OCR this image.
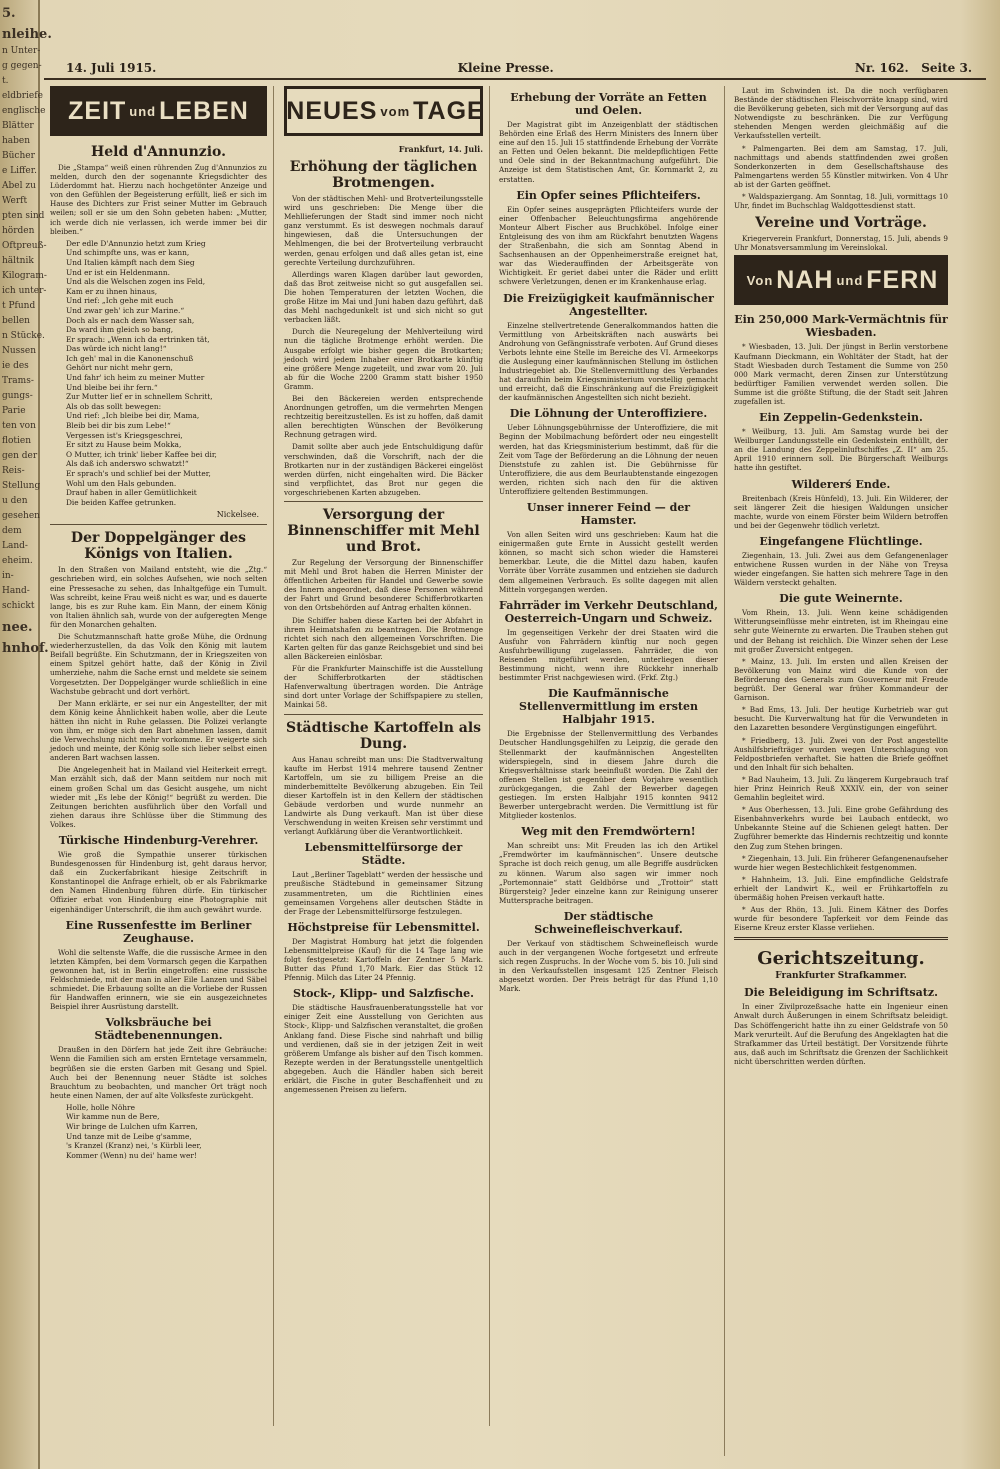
5.
nleihe.
n Unter-
g gegen-
t.
eldbriefe
englische
Blätter
haben
Bücher
e Liffer.
Abel zu
Werft
pten sind
hörden
Oftpreuß-
hältnik
Kilogram-
ich unter-
t Pfund
bellen
n Stücke.
Nussen
ie des
Trams-
gungs-
Parie
ten von
flotien
gen der
Reis-
Stellung
u den
gesehen
dem
Land-
eheim.
in-
Hand-
schickt
nee.
hnhof.
14. Juli 1915.	Kleine Presse.	Nr. 162. Seite 3.
ZEIT und LEBEN
Held d'Annunzio.

Die „Stampa“ weiß einen rührenden Zug d'Annunzios zu melden, durch den der sogenannte Kriegsdichter des Lüderdommt hat. Hierzu nach hochgetönter Anzeige und von den Gefühlen der Begeisterung erfüllt, ließ er sich im Hause des Dichters zur Frist seiner Mutter im Gebrauch weilen; soll er sie um den Sohn gebeten haben: „Mutter, ich werde dich nie verlassen, ich werde immer bei dir bleiben.“

Der edle D'Annunzio hetzt zum Krieg
Und schimpfte uns, was er kann,
Und Italien kämpft nach dem Sieg
Und er ist ein Heldenmann.
Und als die Welschen zogen ins Feld,
Kam er zu ihnen hinaus,
Und rief: „Ich gehe mit euch
Und zwar geh' ich zur Marine.“
Doch als er nach dem Wasser sah,
Da ward ihm gleich so bang,
Er sprach: „Wenn ich da ertrinken tät,
Das würde ich nicht lang!“
Ich geh' mal in die Kanonenschuß
Gehört nur nicht mehr gern,
Und fahr' ich heim zu meiner Mutter
Und bleibe bei ihr fern.“
Zur Mutter lief er in schnellem Schritt,
Als ob das sollt bewegen:
Und rief: „Ich bleibe bei dir, Mama,
Bleib bei dir bis zum Lebe!“
Vergessen ist's Kriegsgeschrei,
Er sitzt zu Hause beim Mokka,
O Mutter, ich trink' lieber Kaffee bei dir,
Als daß ich anderswo schwatzt!“
Er sprach's und schlief bei der Mutter,
Wohl um den Hals gebunden.
Drauf haben in aller Gemütlichkeit
Die beiden Kaffee getrunken.
Nickelsee.
Der Doppelgänger des Königs von Italien.

In den Straßen von Mailand entsteht, wie die „Ztg.“ geschrieben wird, ein solches Aufsehen, wie noch selten eine Pressesache zu sehen, das Inhaltgefüge ein Tumult. Was schreibt, keine Frau weiß nicht es war, und es dauerte lange, bis es zur Ruhe kam. Ein Mann, der einem König von Italien ähnlich sah, wurde von der aufgeregten Menge für den Monarchen gehalten.

Die Schutzmannschaft hatte große Mühe, die Ordnung wiederherzustellen, da das Volk den König mit lautem Beifall begrüßte. Ein Schutzmann, der in Kriegszeiten von einem Spitzel gehört hatte, daß der König in Zivil umherziehe, nahm die Sache ernst und meldete sie seinem Vorgesetzten. Der Doppelgänger wurde schließlich in eine Wachstube gebracht und dort verhört.

Der Mann erklärte, er sei nur ein Angestellter, der mit dem König keine Ähnlichkeit haben wolle, aber die Leute hätten ihn nicht in Ruhe gelassen. Die Polizei verlangte von ihm, er möge sich den Bart abnehmen lassen, damit die Verwechslung nicht mehr vorkomme. Er weigerte sich jedoch und meinte, der König solle sich lieber selbst einen anderen Bart wachsen lassen.

Die Angelegenheit hat in Mailand viel Heiterkeit erregt. Man erzählt sich, daß der Mann seitdem nur noch mit einem großen Schal um das Gesicht ausgehe, um nicht wieder mit „Es lebe der König!“ begrüßt zu werden. Die Zeitungen berichten ausführlich über den Vorfall und ziehen daraus ihre Schlüsse über die Stimmung des Volkes.

Türkische Hindenburg-Verehrer.

Wie groß die Sympathie unserer türkischen Bundesgenossen für Hindenburg ist, geht daraus hervor, daß ein Zuckerfabrikant hiesige Zeitschrift in Konstantinopel die Anfrage erhielt, ob er als Fabrikmarke den Namen Hindenburg führen dürfe. Ein türkischer Offizier erbat von Hindenburg eine Photographie mit eigenhändiger Unterschrift, die ihm auch gewährt wurde.

Eine Russenfestte im Berliner Zeughause.

Wohl die seltenste Waffe, die die russische Armee in den letzten Kämpfen, bei dem Vormarsch gegen die Karpathen gewonnen hat, ist in Berlin eingetroffen: eine russische Feldschmiede, mit der man in aller Eile Lanzen und Säbel schmiedet. Die Erbauung sollte an die Vorliebe der Russen für Handwaffen erinnern, wie sie ein ausgezeichnetes Beispiel ihrer Ausrüstung darstellt.

Volksbräuche bei Städtebenennungen.

Draußen in den Dörfern hat jede Zeit ihre Gebräuche: Wenn die Familien sich am ersten Erntetage versammeln, begrüßen sie die ersten Garben mit Gesang und Spiel. Auch bei der Benennung neuer Städte ist solches Brauchtum zu beobachten, und mancher Ort trägt noch heute einen Namen, der auf alte Volksfeste zurückgeht.

Holle, holle Nöhre
Wir kamme nun de Bere,
Wir bringe de Lulchen ufm Karren,
Und tanze mit de Leibe g'samme,
's Kranzel (Kranz) nei, 's Kürbli leer,
Kommer (Wenn) nu dei' hame wer!
NEUES vom TAGE
Frankfurt, 14. Juli.
Erhöhung der täglichen Brotmengen.

Von der städtischen Mehl- und Brotverteilungsstelle wird uns geschrieben: Die Menge über die Mehllieferungen der Stadt sind immer noch nicht ganz verstummt. Es ist deswegen nochmals darauf hingewiesen, daß die Untersuchungen der Mehlmengen, die bei der Brotverteilung verbraucht werden, genau erfolgen und daß alles getan ist, eine gerechte Verteilung durchzuführen.

Allerdings waren Klagen darüber laut geworden, daß das Brot zeitweise nicht so gut ausgefallen sei. Die hohen Temperaturen der letzten Wochen, die große Hitze im Mai und Juni haben dazu geführt, daß das Mehl nachgedunkelt ist und sich nicht so gut verbacken läßt.

Durch die Neuregelung der Mehlverteilung wird nun die tägliche Brotmenge erhöht werden. Die Ausgabe erfolgt wie bisher gegen die Brotkarten; jedoch wird jedem Inhaber einer Brotkarte künftig eine größere Menge zugeteilt, und zwar vom 20. Juli ab für die Woche 2200 Gramm statt bisher 1950 Gramm.

Bei den Bäckereien werden entsprechende Anordnungen getroffen, um die vermehrten Mengen rechtzeitig bereitzustellen. Es ist zu hoffen, daß damit allen berechtigten Wünschen der Bevölkerung Rechnung getragen wird.

Damit sollte aber auch jede Entschuldigung dafür verschwinden, daß die Vorschrift, nach der die Brotkarten nur in der zuständigen Bäckerei eingelöst werden dürfen, nicht eingehalten wird. Die Bäcker sind verpflichtet, das Brot nur gegen die vorgeschriebenen Karten abzugeben.

Versorgung der Binnenschiffer mit Mehl und Brot.

Zur Regelung der Versorgung der Binnenschiffer mit Mehl und Brot haben die Herren Minister der öffentlichen Arbeiten für Handel und Gewerbe sowie des Innern angeordnet, daß diese Personen während der Fahrt und Grund besonderer Schifferbrotkarten von den Ortsbehörden auf Antrag erhalten können.

Die Schiffer haben diese Karten bei der Abfahrt in ihrem Heimatshafen zu beantragen. Die Brotmenge richtet sich nach den allgemeinen Vorschriften. Die Karten gelten für das ganze Reichsgebiet und sind bei allen Bäckereien einlösbar.

Für die Frankfurter Mainschiffe ist die Ausstellung der Schifferbrotkarten der städtischen Hafenverwaltung übertragen worden. Die Anträge sind dort unter Vorlage der Schiffspapiere zu stellen, Mainkai 58.

Städtische Kartoffeln als Dung.

Aus Hanau schreibt man uns: Die Stadtverwaltung kaufte im Herbst 1914 mehrere tausend Zentner Kartoffeln, um sie zu billigem Preise an die minderbemittelte Bevölkerung abzugeben. Ein Teil dieser Kartoffeln ist in den Kellern der städtischen Gebäude verdorben und wurde nunmehr an Landwirte als Dung verkauft. Man ist über diese Verschwendung in weiten Kreisen sehr verstimmt und verlangt Aufklärung über die Verantwortlichkeit.

Lebensmittelfürsorge der Städte.

Laut „Berliner Tageblatt“ werden der hessische und preußische Städtebund in gemeinsamer Sitzung zusammentreten, um die Richtlinien eines gemeinsamen Vorgehens aller deutschen Städte in der Frage der Lebensmittelfürsorge festzulegen.

Höchstpreise für Lebensmittel.

Der Magistrat Homburg hat jetzt die folgenden Lebensmittelpreise (Kauf) für die 14 Tage lang wie folgt festgesetzt: Kartoffeln der Zentner 5 Mark. Butter das Pfund 1,70 Mark. Eier das Stück 12 Pfennig. Milch das Liter 24 Pfennig.

Stock-, Klipp- und Salzfische.

Die städtische Hausfrauenberatungsstelle hat vor einiger Zeit eine Ausstellung von Gerichten aus Stock-, Klipp- und Salzfischen veranstaltet, die großen Anklang fand. Diese Fische sind nahrhaft und billig und verdienen, daß sie in der jetzigen Zeit in weit größerem Umfange als bisher auf den Tisch kommen. Rezepte werden in der Beratungsstelle unentgeltlich abgegeben. Auch die Händler haben sich bereit erklärt, die Fische in guter Beschaffenheit und zu angemessenen Preisen zu liefern.

Erhebung der Vorräte an Fetten und Oelen.

Der Magistrat gibt im Anzeigenblatt der städtischen Behörden eine Erlaß des Herrn Ministers des Innern über eine auf den 15. Juli 15 stattfindende Erhebung der Vorräte an Fetten und Oelen bekannt. Die meldepflichtigen Fette und Oele sind in der Bekanntmachung aufgeführt. Die Anzeige ist dem Statistischen Amt, Gr. Kornmarkt 2, zu erstatten.

Ein Opfer seines Pflichteifers.

Ein Opfer seines ausgeprägten Pflichteifers wurde der einer Offenbacher Beleuchtungsfirma angehörende Monteur Albert Fischer aus Bruchköbel. Infolge einer Entgleisung des von ihm am Rückfahrt benutzten Wagens der Straßenbahn, die sich am Sonntag Abend in Sachsenhausen an der Oppenheimerstraße ereignet hat, war das Wiederauffinden der Arbeitsgeräte von Wichtigkeit. Er geriet dabei unter die Räder und erlitt schwere Verletzungen, denen er im Krankenhause erlag.

Die Freizügigkeit kaufmännischer Angestellter.

Einzelne stellvertretende Generalkommandos hatten die Vermittlung von Arbeitskräften nach auswärts bei Androhung von Gefängnisstrafe verboten. Auf Grund dieses Verbots lehnte eine Stelle im Bereiche des VI. Armeekorps die Auslegung einer kaufmännischen Stellung im östlichen Industriegebiet ab. Die Stellenvermittlung des Verbandes hat daraufhin beim Kriegsministerium vorstellig gemacht und erreicht, daß die Einschränkung auf die Freizügigkeit der kaufmännischen Angestellten sich nicht bezieht.

Die Löhnung der Unteroffiziere.

Ueber Löhnungsgebührnisse der Unteroffiziere, die mit Beginn der Mobilmachung befördert oder neu eingestellt werden, hat das Kriegsministerium bestimmt, daß für die Zeit vom Tage der Beförderung an die Löhnung der neuen Dienststufe zu zahlen ist. Die Gebührnisse für Unteroffiziere, die aus dem Beurlaubtenstande eingezogen werden, richten sich nach den für die aktiven Unteroffiziere geltenden Bestimmungen.

Unser innerer Feind — der Hamster.

Von allen Seiten wird uns geschrieben: Kaum hat die einigermaßen gute Ernte in Aussicht gestellt werden können, so macht sich schon wieder die Hamsterei bemerkbar. Leute, die die Mittel dazu haben, kaufen Vorräte über Vorräte zusammen und entziehen sie dadurch dem allgemeinen Verbrauch. Es sollte dagegen mit allen Mitteln vorgegangen werden.

Fahrräder im Verkehr Deutschland, Oesterreich-Ungarn und Schweiz.

Im gegenseitigen Verkehr der drei Staaten wird die Ausfuhr von Fahrrädern künftig nur noch gegen Ausfuhrbewilligung zugelassen. Fahrräder, die von Reisenden mitgeführt werden, unterliegen dieser Bestimmung nicht, wenn ihre Rückkehr innerhalb bestimmter Frist nachgewiesen wird. (Frkf. Ztg.)

Die Kaufmännische Stellenvermittlung im ersten Halbjahr 1915.

Die Ergebnisse der Stellenvermittlung des Verbandes Deutscher Handlungsgehilfen zu Leipzig, die gerade den Stellenmarkt der kaufmännischen Angestellten widerspiegeln, sind in diesem Jahre durch die Kriegsverhältnisse stark beeinflußt worden. Die Zahl der offenen Stellen ist gegenüber dem Vorjahre wesentlich zurückgegangen, die Zahl der Bewerber dagegen gestiegen. Im ersten Halbjahr 1915 konnten 9412 Bewerber untergebracht werden. Die Vermittlung ist für Mitglieder kostenlos.

Weg mit den Fremdwörtern!

Man schreibt uns: Mit Freuden las ich den Artikel „Fremdwörter im kaufmännischen“. Unsere deutsche Sprache ist doch reich genug, um alle Begriffe ausdrücken zu können. Warum also sagen wir immer noch „Portemonnaie“ statt Geldbörse und „Trottoir“ statt Bürgersteig? Jeder einzelne kann zur Reinigung unserer Muttersprache beitragen.

Der städtische Schweinefleischverkauf.

Der Verkauf von städtischem Schweinefleisch wurde auch in der vergangenen Woche fortgesetzt und erfreute sich regen Zuspruchs. In der Woche vom 5. bis 10. Juli sind in den Verkaufsstellen insgesamt 125 Zentner Fleisch abgesetzt worden. Der Preis beträgt für das Pfund 1,10 Mark.

Laut im Schwinden ist. Da die noch verfügbaren Bestände der städtischen Fleischvorräte knapp sind, wird die Bevölkerung gebeten, sich mit der Versorgung auf das Notwendigste zu beschränken. Die zur Verfügung stehenden Mengen werden gleichmäßig auf die Verkaufsstellen verteilt.

* Palmengarten. Bei dem am Samstag, 17. Juli, nachmittags und abends stattfindenden zwei großen Sonderkonzerten in dem Gesellschaftshause des Palmengartens werden 55 Künstler mitwirken. Von 4 Uhr ab ist der Garten geöffnet.

* Waldspaziergang. Am Sonntag, 18. Juli, vormittags 10 Uhr, findet im Buchschlag Waldgottesdienst statt.

Vereine und Vorträge.

Kriegerverein Frankfurt, Donnerstag, 15. Juli, abends 9 Uhr Monatsversammlung im Vereinslokal.

Von NAH und FERN
Ein 250,000 Mark-Vermächtnis für Wiesbaden.

* Wiesbaden, 13. Juli. Der jüngst in Berlin verstorbene Kaufmann Dieckmann, ein Wohltäter der Stadt, hat der Stadt Wiesbaden durch Testament die Summe von 250 000 Mark vermacht, deren Zinsen zur Unterstützung bedürftiger Familien verwendet werden sollen. Die Summe ist die größte Stiftung, die der Stadt seit Jahren zugefallen ist.

Ein Zeppelin-Gedenkstein.

* Weilburg, 13. Juli. Am Samstag wurde bei der Weilburger Landungsstelle ein Gedenkstein enthüllt, der an die Landung des Zeppelinluftschiffes „Z. II“ am 25. April 1910 erinnern soll. Die Bürgerschaft Weilburgs hatte ihn gestiftet.

Wildererś Ende.

Breitenbach (Kreis Hünfeld), 13. Juli. Ein Wilderer, der seit längerer Zeit die hiesigen Waldungen unsicher machte, wurde von einem Förster beim Wildern betroffen und bei der Gegenwehr tödlich verletzt.

Eingefangene Flüchtlinge.

Ziegenhain, 13. Juli. Zwei aus dem Gefangenenlager entwichene Russen wurden in der Nähe von Treysa wieder eingefangen. Sie hatten sich mehrere Tage in den Wäldern versteckt gehalten.

Die gute Weinernte.

Vom Rhein, 13. Juli. Wenn keine schädigenden Witterungseinflüsse mehr eintreten, ist im Rheingau eine sehr gute Weinernte zu erwarten. Die Trauben stehen gut und der Behang ist reichlich. Die Winzer sehen der Lese mit großer Zuversicht entgegen.

* Mainz, 13. Juli. Im ersten und allen Kreisen der Bevölkerung von Mainz wird die Kunde von der Beförderung des Generals zum Gouverneur mit Freude begrüßt. Der General war früher Kommandeur der Garnison.

* Bad Ems, 13. Juli. Der heutige Kurbetrieb war gut besucht. Die Kurverwaltung hat für die Verwundeten in den Lazaretten besondere Vergünstigungen eingeführt.

* Friedberg, 13. Juli. Zwei von der Post angestellte Aushilfsbriefträger wurden wegen Unterschlagung von Feldpostbriefen verhaftet. Sie hatten die Briefe geöffnet und den Inhalt für sich behalten.

* Bad Nauheim, 13. Juli. Zu längerem Kurgebrauch traf hier Prinz Heinrich Reuß XXXIV. ein, der von seiner Gemahlin begleitet wird.

* Aus Oberhessen, 13. Juli. Eine grobe Gefährdung des Eisenbahnverkehrs wurde bei Laubach entdeckt, wo Unbekannte Steine auf die Schienen gelegt hatten. Der Zugführer bemerkte das Hindernis rechtzeitig und konnte den Zug zum Stehen bringen.

* Ziegenhain, 13. Juli. Ein früherer Gefangenenaufseher wurde hier wegen Bestechlichkeit festgenommen.

* Hahnheim, 13. Juli. Eine empfindliche Geldstrafe erhielt der Landwirt K., weil er Frühkartoffeln zu übermäßig hohen Preisen verkauft hatte.

* Aus der Rhön, 13. Juli. Einem Kätner des Dorfes wurde für besondere Tapferkeit vor dem Feinde das Eiserne Kreuz erster Klasse verliehen.

Gerichtszeitung.
Frankfurter Strafkammer.
Die Beleidigung im Schriftsatz.

In einer Zivilprozeßsache hatte ein Ingenieur einen Anwalt durch Äußerungen in einem Schriftsatz beleidigt. Das Schöffengericht hatte ihn zu einer Geldstrafe von 50 Mark verurteilt. Auf die Berufung des Angeklagten hat die Strafkammer das Urteil bestätigt. Der Vorsitzende führte aus, daß auch im Schriftsatz die Grenzen der Sachlichkeit nicht überschritten werden dürften.
